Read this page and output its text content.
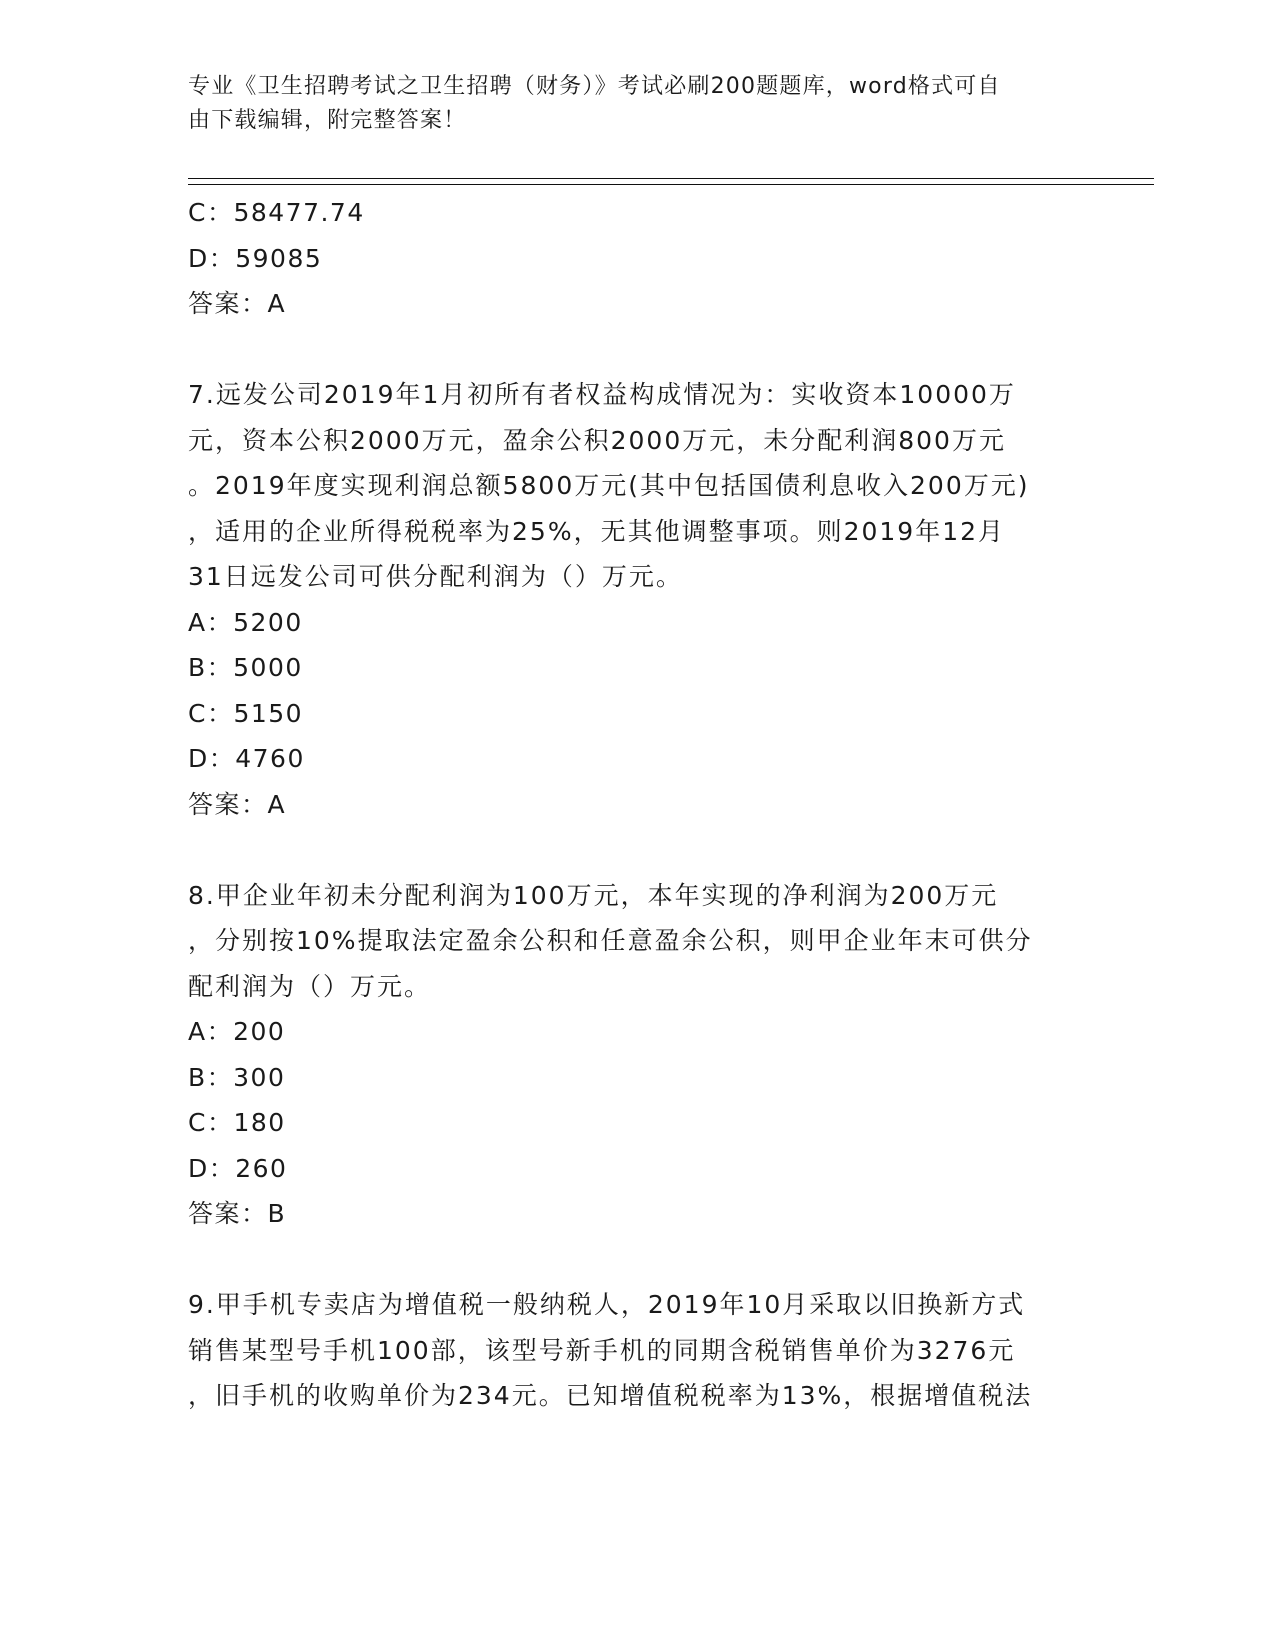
专业《卫生招聘考试之卫生招聘（财务）》考试必刷200题题库，word格式可自
由下载编辑，附完整答案！
C：58477.74
D：59085
答案：A
7.远发公司2019年1月初所有者权益构成情况为：实收资本10000万
元，资本公积2000万元，盈余公积2000万元，未分配利润800万元
。2019年度实现利润总额5800万元(其中包括国债利息收入200万元)
，适用的企业所得税税率为25%，无其他调整事项。则2019年12月
31日远发公司可供分配利润为（）万元。
A：5200
B：5000
C：5150
D：4760
答案：A
8.甲企业年初未分配利润为100万元，本年实现的净利润为200万元
，分别按10%提取法定盈余公积和任意盈余公积，则甲企业年末可供分
配利润为（）万元。
A：200
B：300
C：180
D：260
答案：B
9.甲手机专卖店为增值税一般纳税人，2019年10月采取以旧换新方式
销售某型号手机100部，该型号新手机的同期含税销售单价为3276元
，旧手机的收购单价为234元。已知增值税税率为13%，根据增值税法
